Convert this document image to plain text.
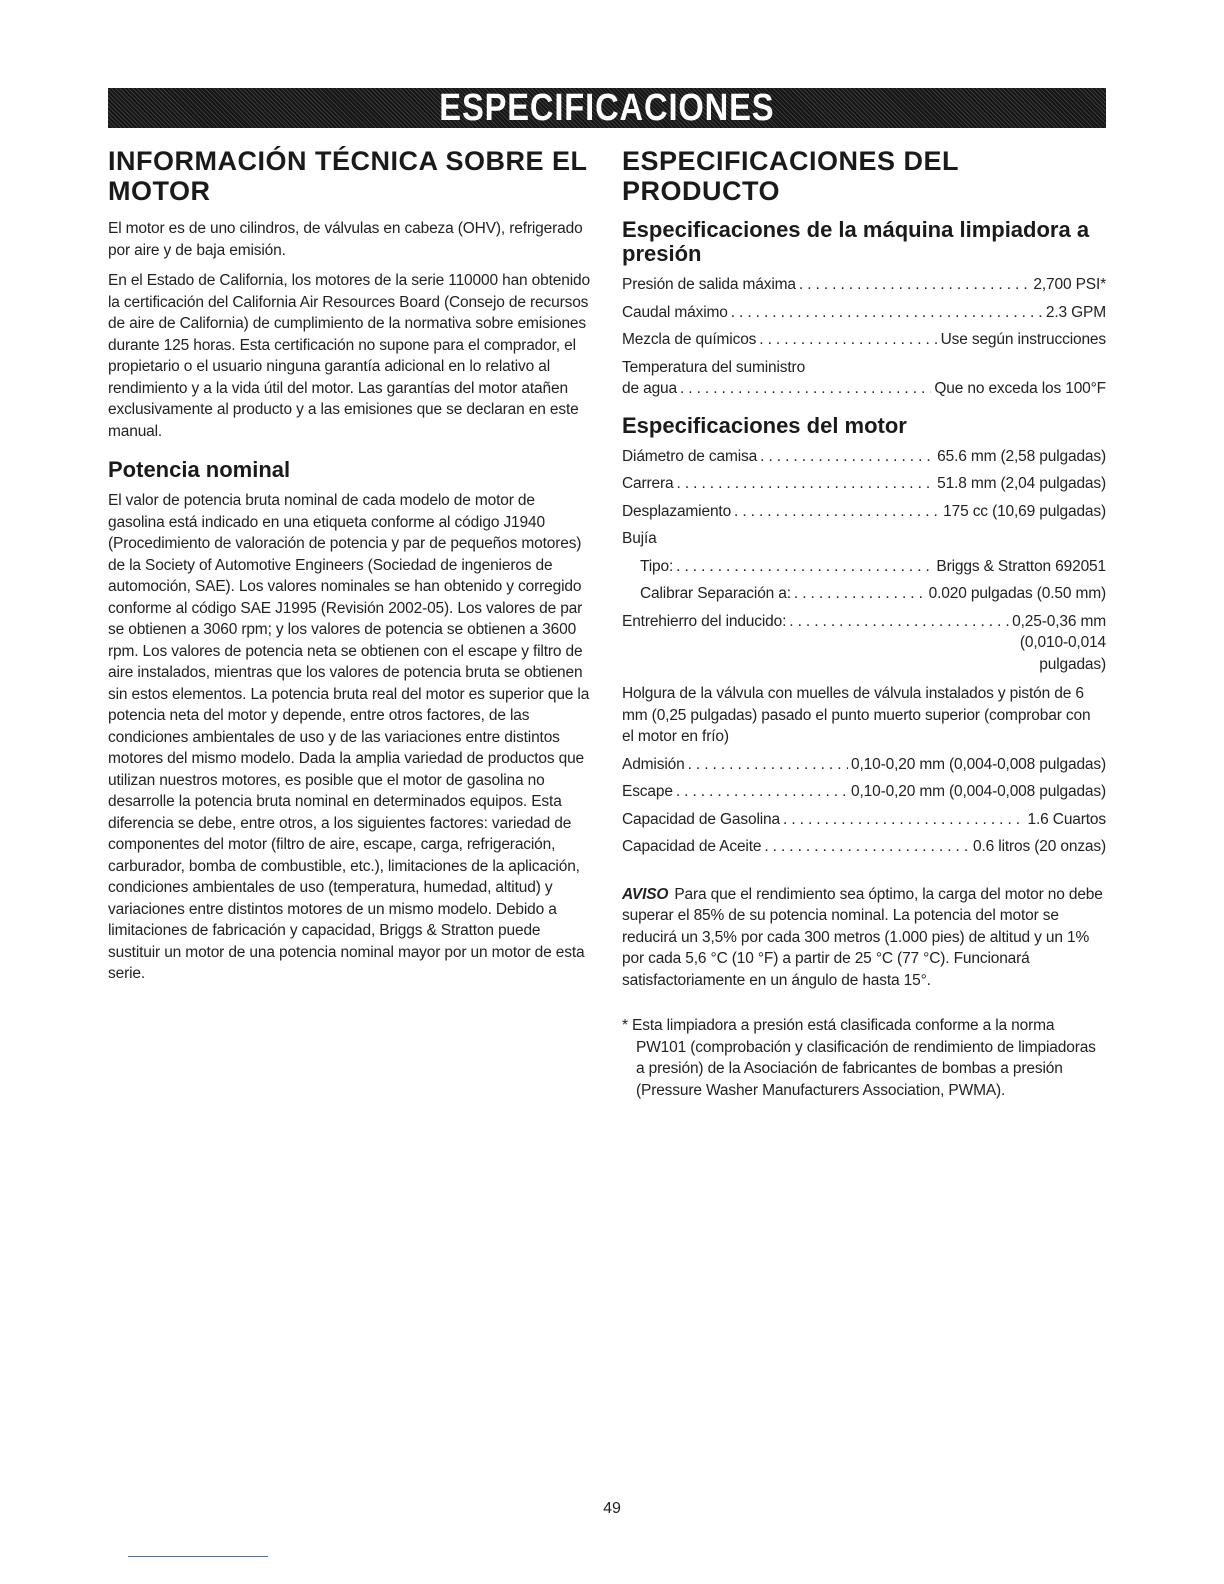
ESPECIFICACIONES
INFORMACIÓN TÉCNICA SOBRE EL MOTOR

El motor es de uno cilindros, de válvulas en cabeza (OHV), refrigerado por aire y de baja emisión.

En el Estado de California, los motores de la serie 110000 han obtenido la certificación del California Air Resources Board (Consejo de recursos de aire de California) de cumplimiento de la normativa sobre emisiones durante 125 horas. Esta certificación no supone para el comprador, el propietario o el usuario ninguna garantía adicional en lo relativo al rendimiento y a la vida útil del motor. Las garantías del motor atañen exclusivamente al producto y a las emisiones que se declaran en este manual.

Potencia nominal

El valor de potencia bruta nominal de cada modelo de motor de gasolina está indicado en una etiqueta conforme al código J1940 (Procedimiento de valoración de potencia y par de pequeños motores) de la Society of Automotive Engineers (Sociedad de ingenieros de automoción, SAE). Los valores nominales se han obtenido y corregido conforme al código SAE J1995 (Revisión 2002-05). Los valores de par se obtienen a 3060 rpm; y los valores de potencia se obtienen a 3600 rpm. Los valores de potencia neta se obtienen con el escape y filtro de aire instalados, mientras que los valores de potencia bruta se obtienen sin estos elementos. La potencia bruta real del motor es superior que la potencia neta del motor y depende, entre otros factores, de las condiciones ambientales de uso y de las variaciones entre distintos motores del mismo modelo. Dada la amplia variedad de productos que utilizan nuestros motores, es posible que el motor de gasolina no desarrolle la potencia bruta nominal en determinados equipos. Esta diferencia se debe, entre otros, a los siguientes factores: variedad de componentes del motor (filtro de aire, escape, carga, refrigeración, carburador, bomba de combustible, etc.), limitaciones de la aplicación, condiciones ambientales de uso (temperatura, humedad, altitud) y variaciones entre distintos motores de un mismo modelo. Debido a limitaciones de fabricación y capacidad, Briggs & Stratton puede sustituir un motor de una potencia nominal mayor por un motor de esta serie.

ESPECIFICACIONES DEL PRODUCTO
Especificaciones de la máquina limpiadora a presión
Presión de salida máxima . . .	2,700 PSI*
Caudal máximo . . .	2.3 GPM
Mezcla de químicos . . .	Use según instrucciones
Temperatura del suministro
de agua . . .	Que no exceda los 100°F
Especificaciones del motor
Diámetro de camisa . . .	65.6 mm (2,58 pulgadas)
Carrera . . .	51.8 mm (2,04 pulgadas)
Desplazamiento . . .	175 cc (10,69 pulgadas)
Bujía
Tipo: . . .	Briggs & Stratton 692051
Calibrar Separación a: . . .	0.020 pulgadas (0.50 mm)
Entrehierro del inducido: . . .	0,25-0,36 mm
(0,010-0,014
pulgadas)
Holgura de la válvula con muelles de válvula instalados y pistón de 6 mm (0,25 pulgadas) pasado el punto muerto superior (comprobar con el motor en frío)
Admisión . . .	0,10-0,20 mm (0,004-0,008 pulgadas)
Escape . . .	0,10-0,20 mm (0,004-0,008 pulgadas)
Capacidad de Gasolina . . .	1.6 Cuartos
Capacidad de Aceite . . .	0.6 litros (20 onzas)
AVISO Para que el rendimiento sea óptimo, la carga del motor no debe superar el 85% de su potencia nominal. La potencia del motor se reducirá un 3,5% por cada 300 metros (1.000 pies) de altitud y un 1% por cada 5,6 °C (10 °F) a partir de 25 °C (77 °C). Funcionará satisfactoriamente en un ángulo de hasta 15°.
* Esta limpiadora a presión está clasificada conforme a la norma PW101 (comprobación y clasificación de rendimiento de limpiadoras a presión) de la Asociación de fabricantes de bombas a presión (Pressure Washer Manufacturers Association, PWMA).
49
